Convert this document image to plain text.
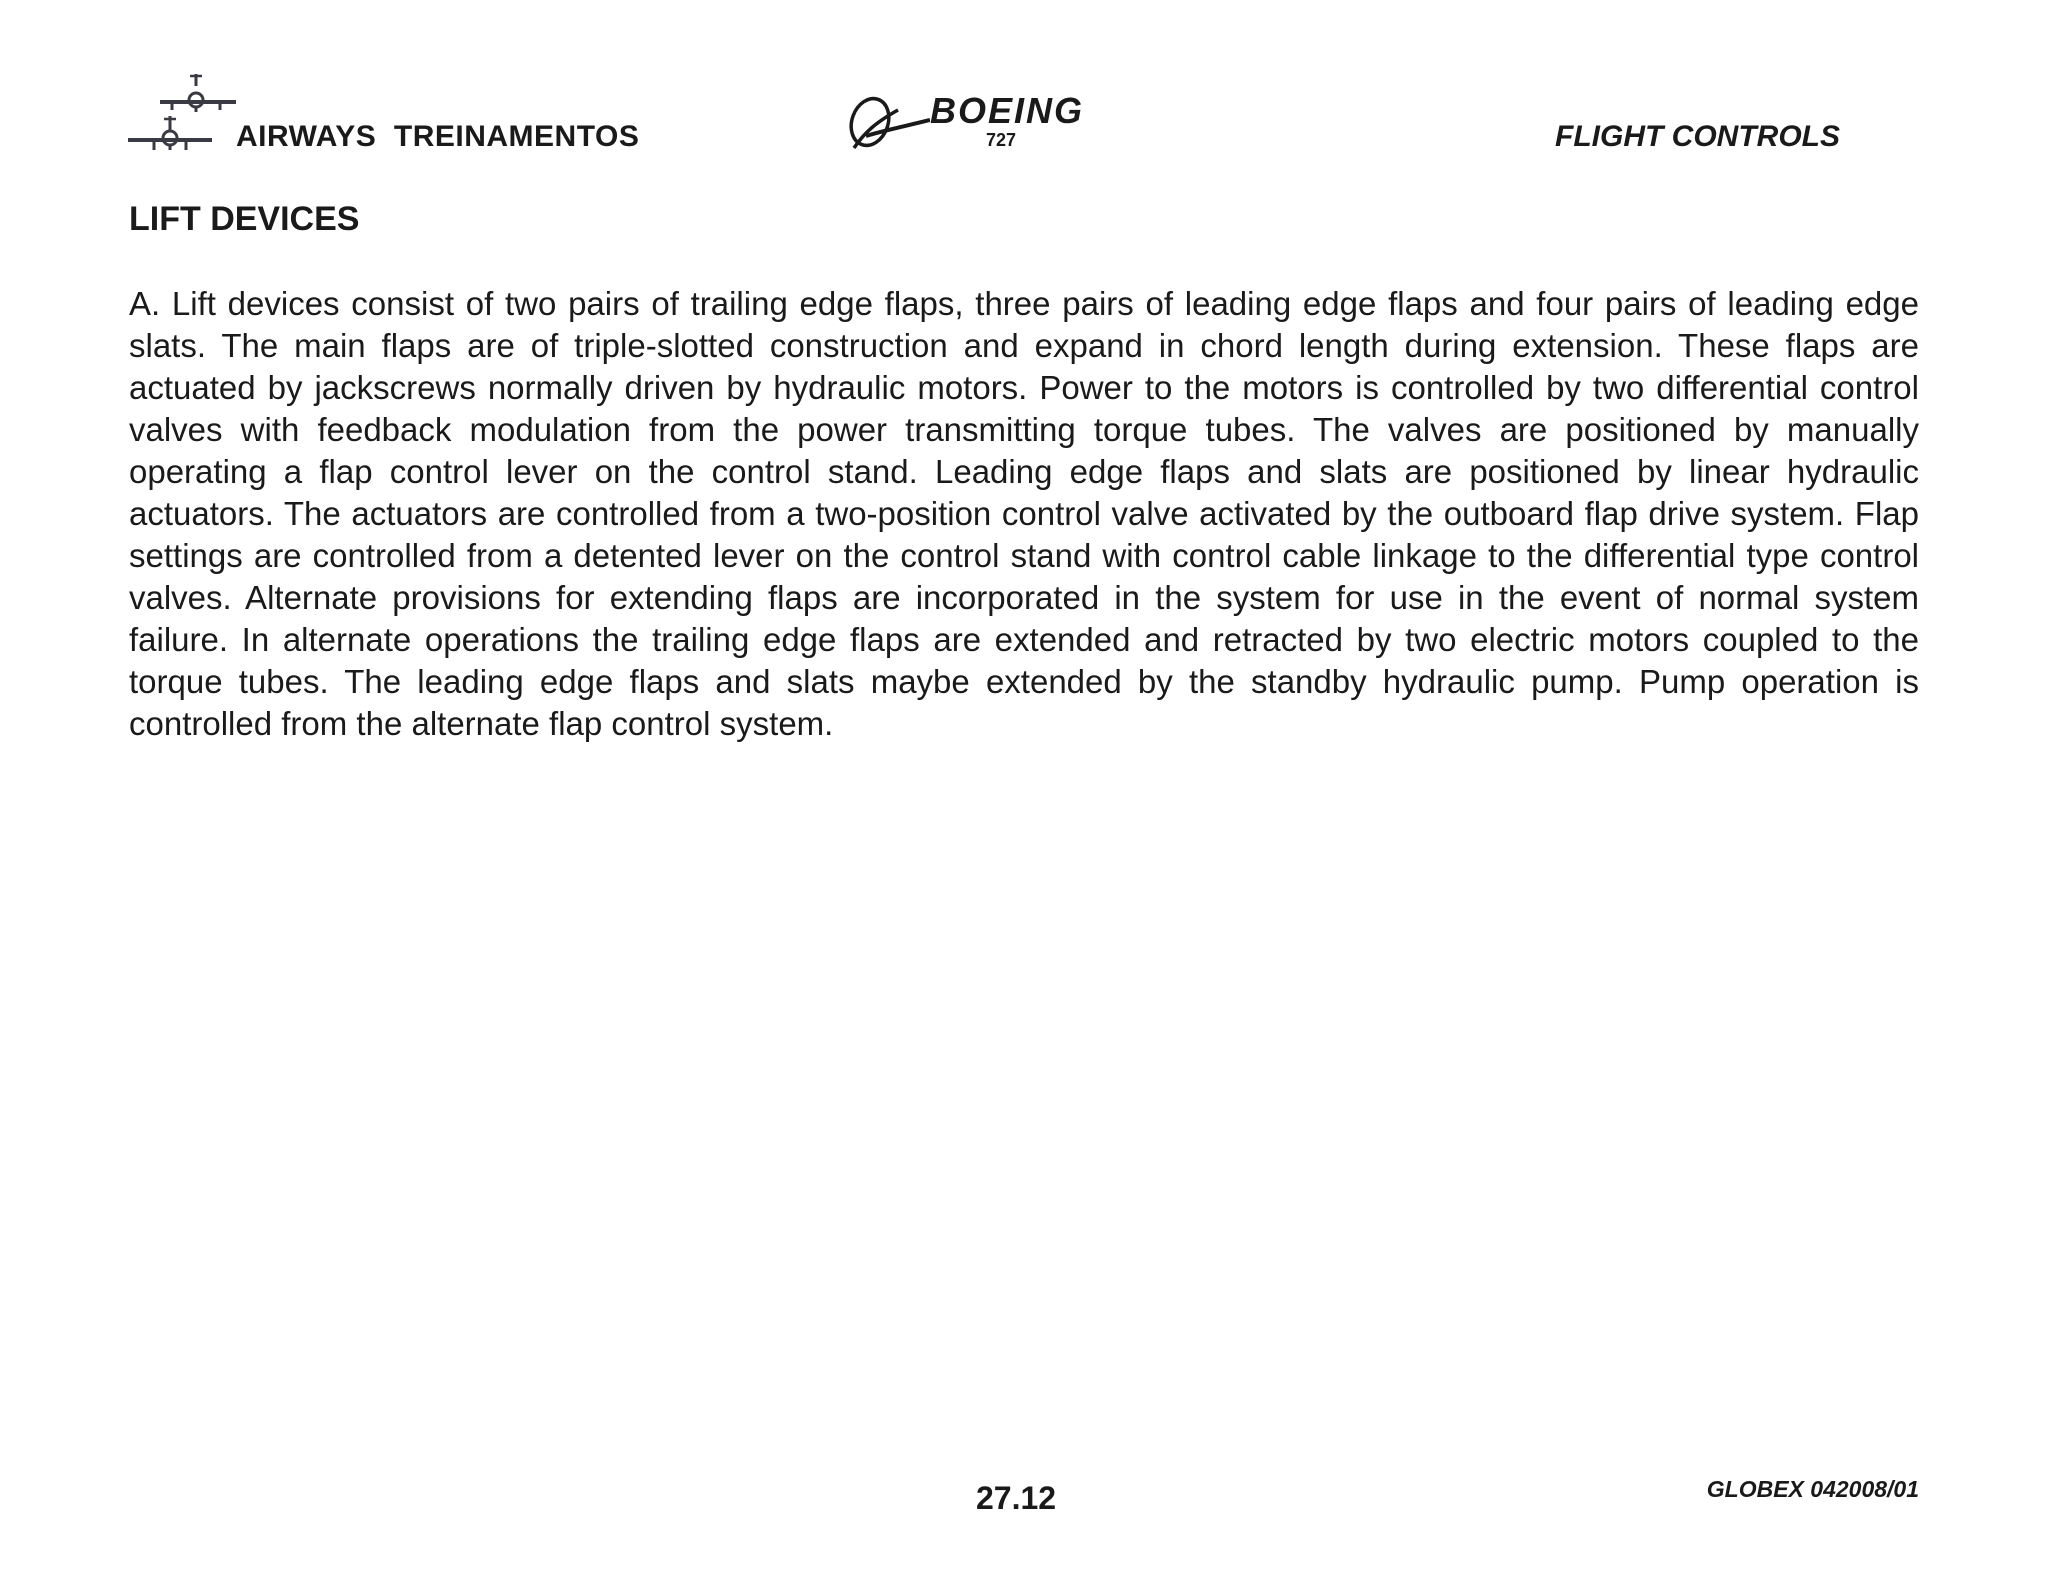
AIRWAYS  TREINAMENTOS
BOEING
727	FLIGHT CONTROLS
LIFT DEVICES

A. Lift devices consist of two pairs of trailing edge flaps, three pairs of leading edge flaps and four pairs of leading edge slats. The main flaps are of triple-slotted construction and expand in chord length during extension. These flaps are actuated by jackscrews normally driven by hydraulic motors. Power to the motors is controlled by two differential control valves with feedback modulation from the power transmitting torque tubes. The valves are positioned by manually operating a flap control lever on the control stand. Leading edge flaps and slats are positioned by linear hydraulic actuators. The actuators are controlled from a two-position control valve activated by the outboard flap drive system. Flap settings are controlled from a detented lever on the control stand with control cable linkage to the differential type control valves. Alternate provisions for extending flaps are incorporated in the system for use in the event of normal system failure. In alternate operations the trailing edge flaps are extended and retracted by two electric motors coupled to the torque tubes. The leading edge flaps and slats maybe extended by the standby hydraulic pump. Pump operation is controlled from the alternate flap control system.

27.12	GLOBEX 042008/01
